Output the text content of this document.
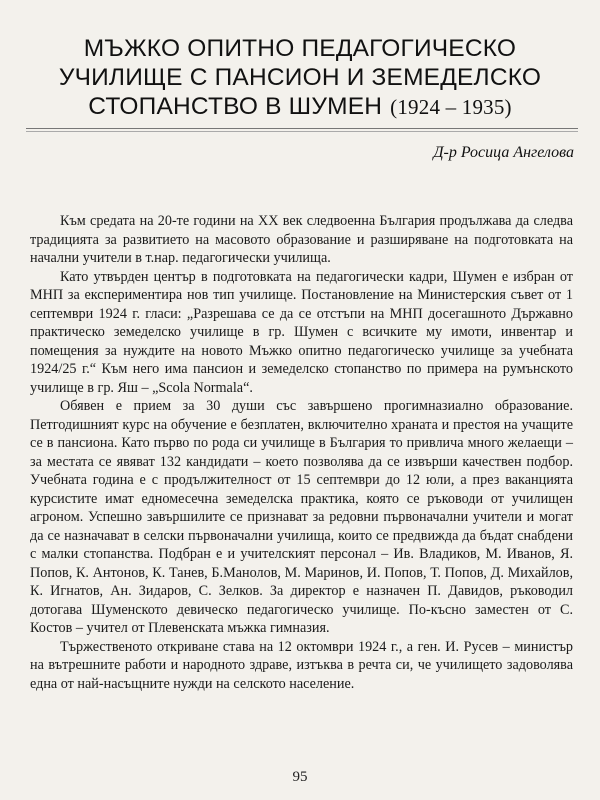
МЪЖКО ОПИТНО ПЕДАГОГИЧЕСКО
УЧИЛИЩЕ С ПАНСИОН И ЗЕМЕДЕЛСКО
СТОПАНСТВО В ШУМЕН (1924 – 1935)
Д-р Росица Ангелова

Към средата на 20-те години на XX век следвоенна България продължава да следва традицията за развитието на масовото образование и разширяване на подготовката на начални учители в т.нар. педагогически училища.

Като утвърден център в подготовката на педагогически кадри, Шумен е избран от МНП за експериментира нов тип училище. Постановление на Министерския съвет от 1 септември 1924 г. гласи: „Разрешава се да се отстъпи на МНП досегашното Държавно практическо земеделско училище в гр. Шумен с всичките му имоти, инвентар и помещения за нуждите на новото Мъжко опитно педагогическо училище за учебната 1924/25 г.“ Към него има пансион и земеделско стопанство по примера на румънското училище в гр. Яш – „Scola Normala“.

Обявен е прием за 30 души със завършено прогимназиално образование. Петгодишният курс на обучение е безплатен, включително храната и престоя на учащите се в пансиона. Като първо по рода си училище в България то привлича много желаещи – за местата се явяват 132 кандидати – което позволява да се извърши качествен подбор. Учебната година е с продължителност от 15 септември до 12 юли, а през ваканцията курсистите имат едномесечна земеделска практика, която се ръководи от училищен агроном. Успешно завършилите се признават за редовни първоначални учители и могат да се назначават в селски първоначални училища, които се предвижда да бъдат снабдени с малки стопанства. Подбран е и учителският персонал – Ив. Владиков, М. Иванов, Я. Попов, К. Антонов, К. Танев, Б.Манолов, М. Маринов, И. Попов, Т. Попов, Д. Михайлов, К. Игнатов, Ан. Зидаров, С. Зелков. За директор е назначен П. Давидов, ръководил дотогава Шуменското девическо педагогическо училище. По-късно заместен от С. Костов – учител от Плевенската мъжка гимназия.

Тържественото откриване става на 12 октомври 1924 г., а ген. И. Русев – министър на вътрешните работи и народното здраве, изтъква в речта си, че училището задоволява една от най-насъщните нужди на селското население.

95
